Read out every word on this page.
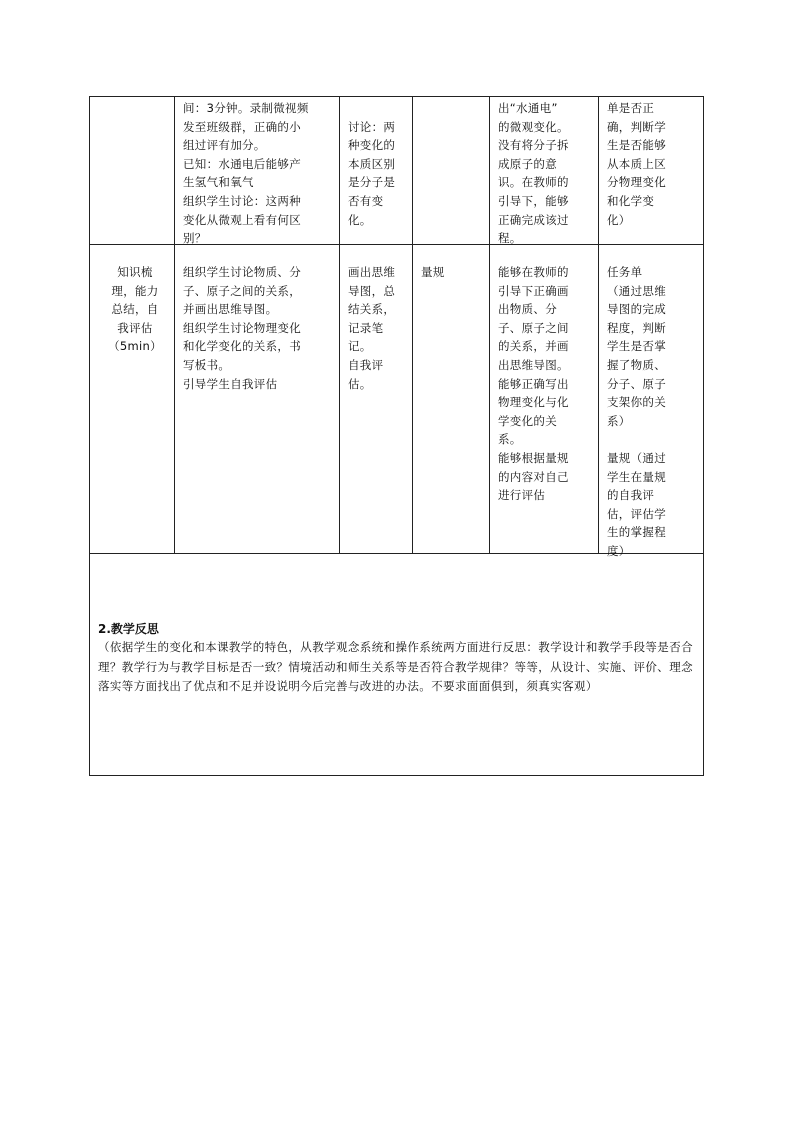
间：3分钟。录制微视频
发至班级群，正确的小
组过评有加分。
已知：水通电后能够产
生氢气和氧气
组织学生讨论：这两种
变化从微观上看有何区
别？

讨论：两
种变化的
本质区别
是分子是
否有变
化。
出“水通电”
的微观变化。
没有将分子拆
成原子的意
识。在教师的
引导下，能够
正确完成该过
程。
单是否正
确，判断学
生是否能够
从本质上区
分物理变化
和化学变
化）
知识梳
理，能力
总结，自
我评估
（5min）
组织学生讨论物质、分
子、原子之间的关系，
并画出思维导图。
组织学生讨论物理变化
和化学变化的关系，书
写板书。
引导学生自我评估
画出思维
导图，总
结关系，
记录笔
记。
自我评
估。
量规	能够在教师的
引导下正确画
出物质、分
子、原子之间
的关系，并画
出思维导图。
能够正确写出
物理变化与化
学变化的关
系。
能够根据量规
的内容对自己
进行评估
任务单
（通过思维
导图的完成
程度，判断
学生是否掌
握了物质、
分子、原子
支架你的关
系）

量规（通过
学生在量规
的自我评
估，评估学
生的掌握程
度）
2.教学反思
（依据学生的变化和本课教学的特色，从教学观念系统和操作系统两方面进行反思：教学设计和教学手段等是否合理？教学行为与教学目标是否一致？情境活动和师生关系等是否符合教学规律？等等，从设计、实施、评价、理念落实等方面找出了优点和不足并设说明今后完善与改进的办法。不要求面面俱到，须真实客观）
